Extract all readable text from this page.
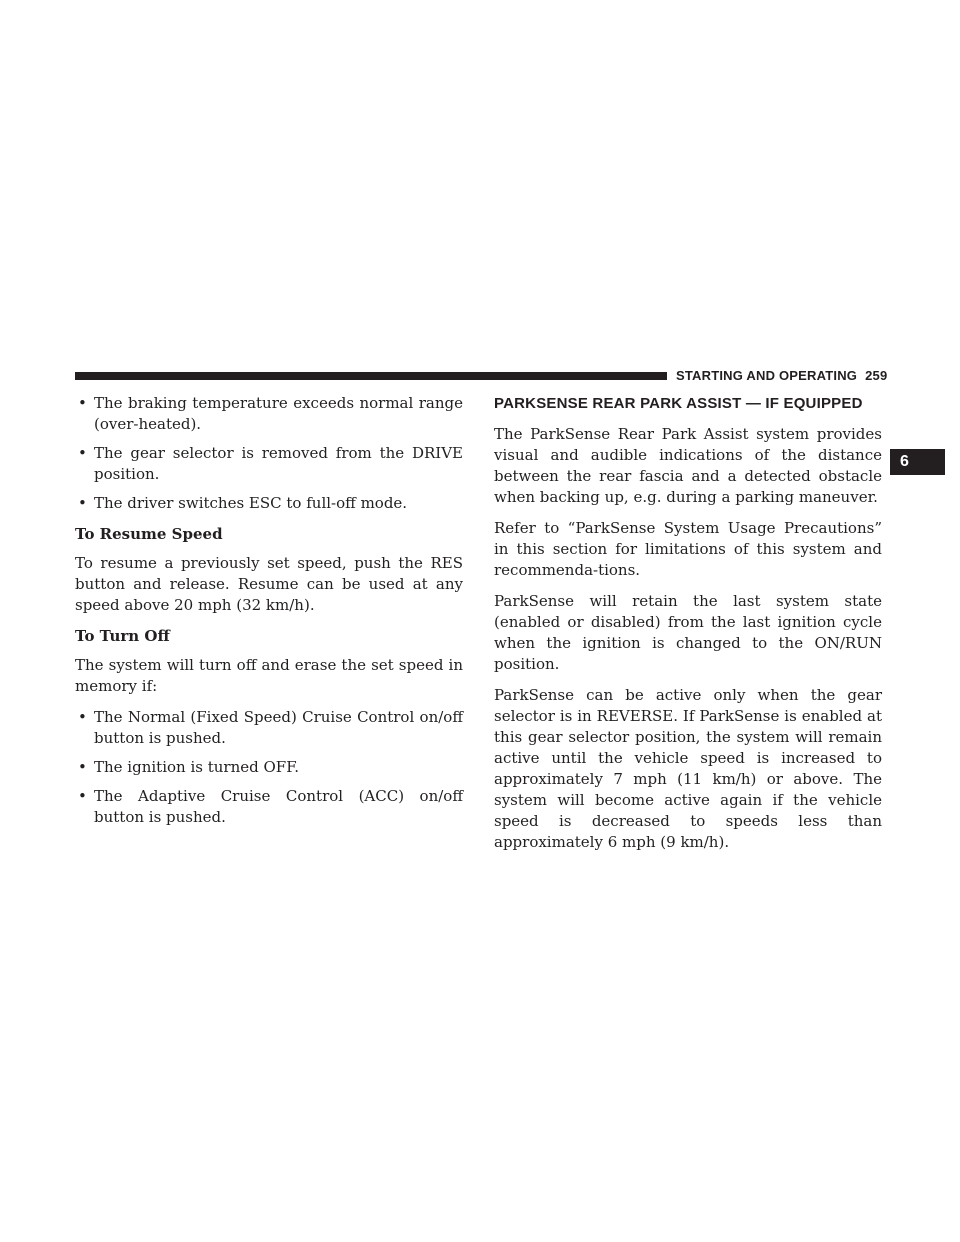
STARTING AND OPERATING 259
6
• The braking temperature exceeds normal range (over-heated).
• The gear selector is removed from the DRIVE position.
• The driver switches ESC to full-off mode.
To Resume Speed
To resume a previously set speed, push the RES button and release. Resume can be used at any speed above 20 mph (32 km/h).
To Turn Off
The system will turn off and erase the set speed in memory if:
• The Normal (Fixed Speed) Cruise Control on/off button is pushed.
• The ignition is turned OFF.
• The Adaptive Cruise Control (ACC) on/off button is pushed.
PARKSENSE REAR PARK ASSIST — IF EQUIPPED
The ParkSense Rear Park Assist system provides visual and audible indications of the distance between the rear fascia and a detected obstacle when backing up, e.g. during a parking maneuver.
Refer to “ParkSense System Usage Precautions” in this section for limitations of this system and recommenda-tions.
ParkSense will retain the last system state (enabled or disabled) from the last ignition cycle when the ignition is changed to the ON/RUN position.
ParkSense can be active only when the gear selector is in REVERSE. If ParkSense is enabled at this gear selector position, the system will remain active until the vehicle speed is increased to approximately 7 mph (11 km/h) or above. The system will become active again if the vehicle speed is decreased to speeds less than approximately 6 mph (9 km/h).
